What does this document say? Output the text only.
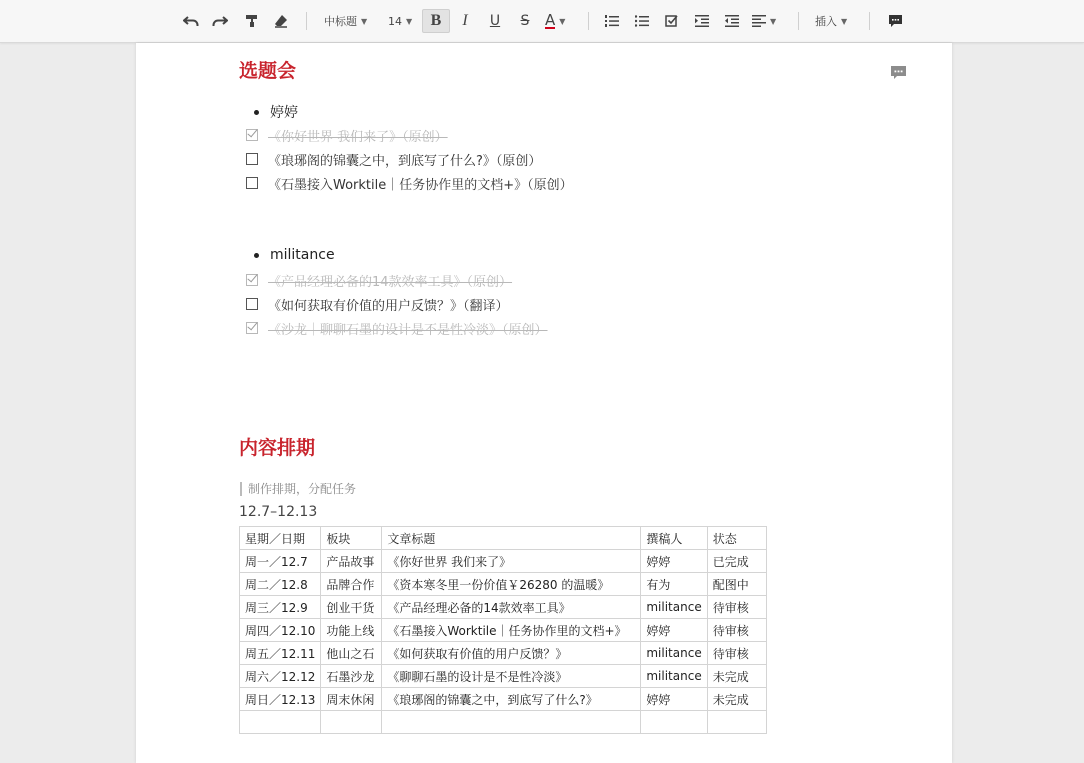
中标题 ▼ 14 ▼ B I U S A ▼	▼	插入 ▼
选题会
婷婷
《你好世界 我们来了》（原创）
《琅琊阁的锦囊之中，到底写了什么?》（原创）
《石墨接入Worktile｜任务协作里的文档+》（原创）
militance
《产品经理必备的14款效率工具》（原创）
《如何获取有价值的用户反馈？》（翻译）
《沙龙｜聊聊石墨的设计是不是性冷淡》（原创）
内容排期
制作排期，分配任务
12.7–12.13
星期／日期	板块	文章标题	撰稿人	状态
周一／12.7	产品故事	《你好世界 我们来了》	婷婷	已完成
周二／12.8	品牌合作	《资本寒冬里一份价值￥26280 的温暖》	有为	配图中
周三／12.9	创业干货	《产品经理必备的14款效率工具》	militance	待审核
周四／12.10	功能上线	《石墨接入Worktile｜任务协作里的文档+》	婷婷	待审核
周五／12.11	他山之石	《如何获取有价值的用户反馈？》	militance	待审核
周六／12.12	石墨沙龙	《聊聊石墨的设计是不是性冷淡》	militance	未完成
周日／12.13	周末休闲	《琅琊阁的锦囊之中，到底写了什么?》	婷婷	未完成
